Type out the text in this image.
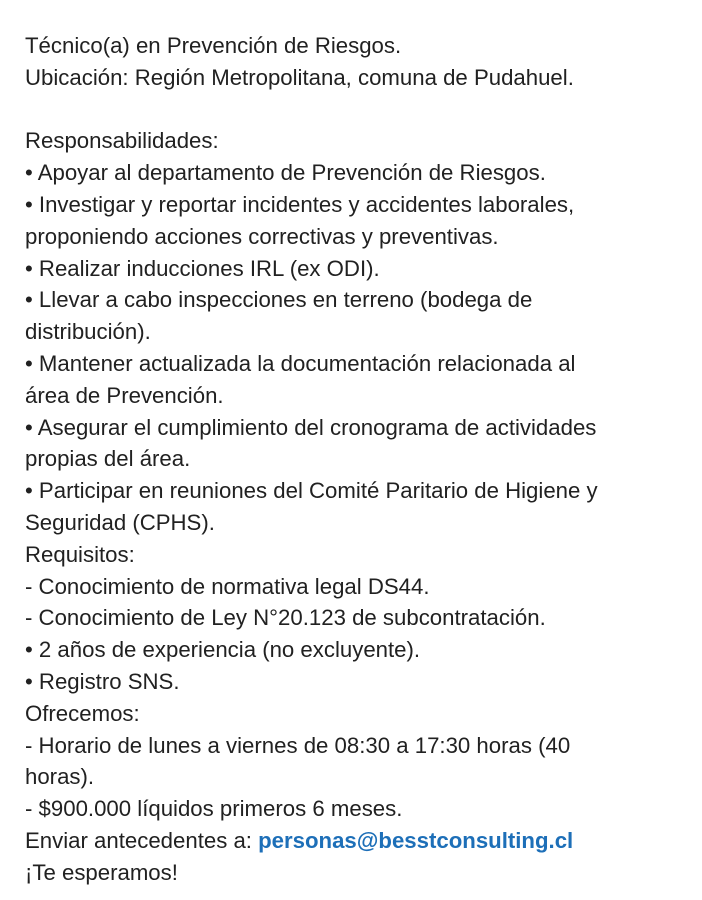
Técnico(a) en Prevención de Riesgos.
Ubicación: Región Metropolitana, comuna de Pudahuel.
Responsabilidades:
• Apoyar al departamento de Prevención de Riesgos.
• Investigar y reportar incidentes y accidentes laborales,
proponiendo acciones correctivas y preventivas.
• Realizar inducciones IRL (ex ODI).
• Llevar a cabo inspecciones en terreno (bodega de
distribución).
• Mantener actualizada la documentación relacionada al
área de Prevención.
• Asegurar el cumplimiento del cronograma de actividades
propias del área.
• Participar en reuniones del Comité Paritario de Higiene y
Seguridad (CPHS).
Requisitos:
- Conocimiento de normativa legal DS44.
- Conocimiento de Ley N°20.123 de subcontratación.
• 2 años de experiencia (no excluyente).
• Registro SNS.
Ofrecemos:
- Horario de lunes a viernes de 08:30 a 17:30 horas (40
horas).
- $900.000 líquidos primeros 6 meses.
Enviar antecedentes a: personas@besstconsulting.cl
¡Te esperamos!
